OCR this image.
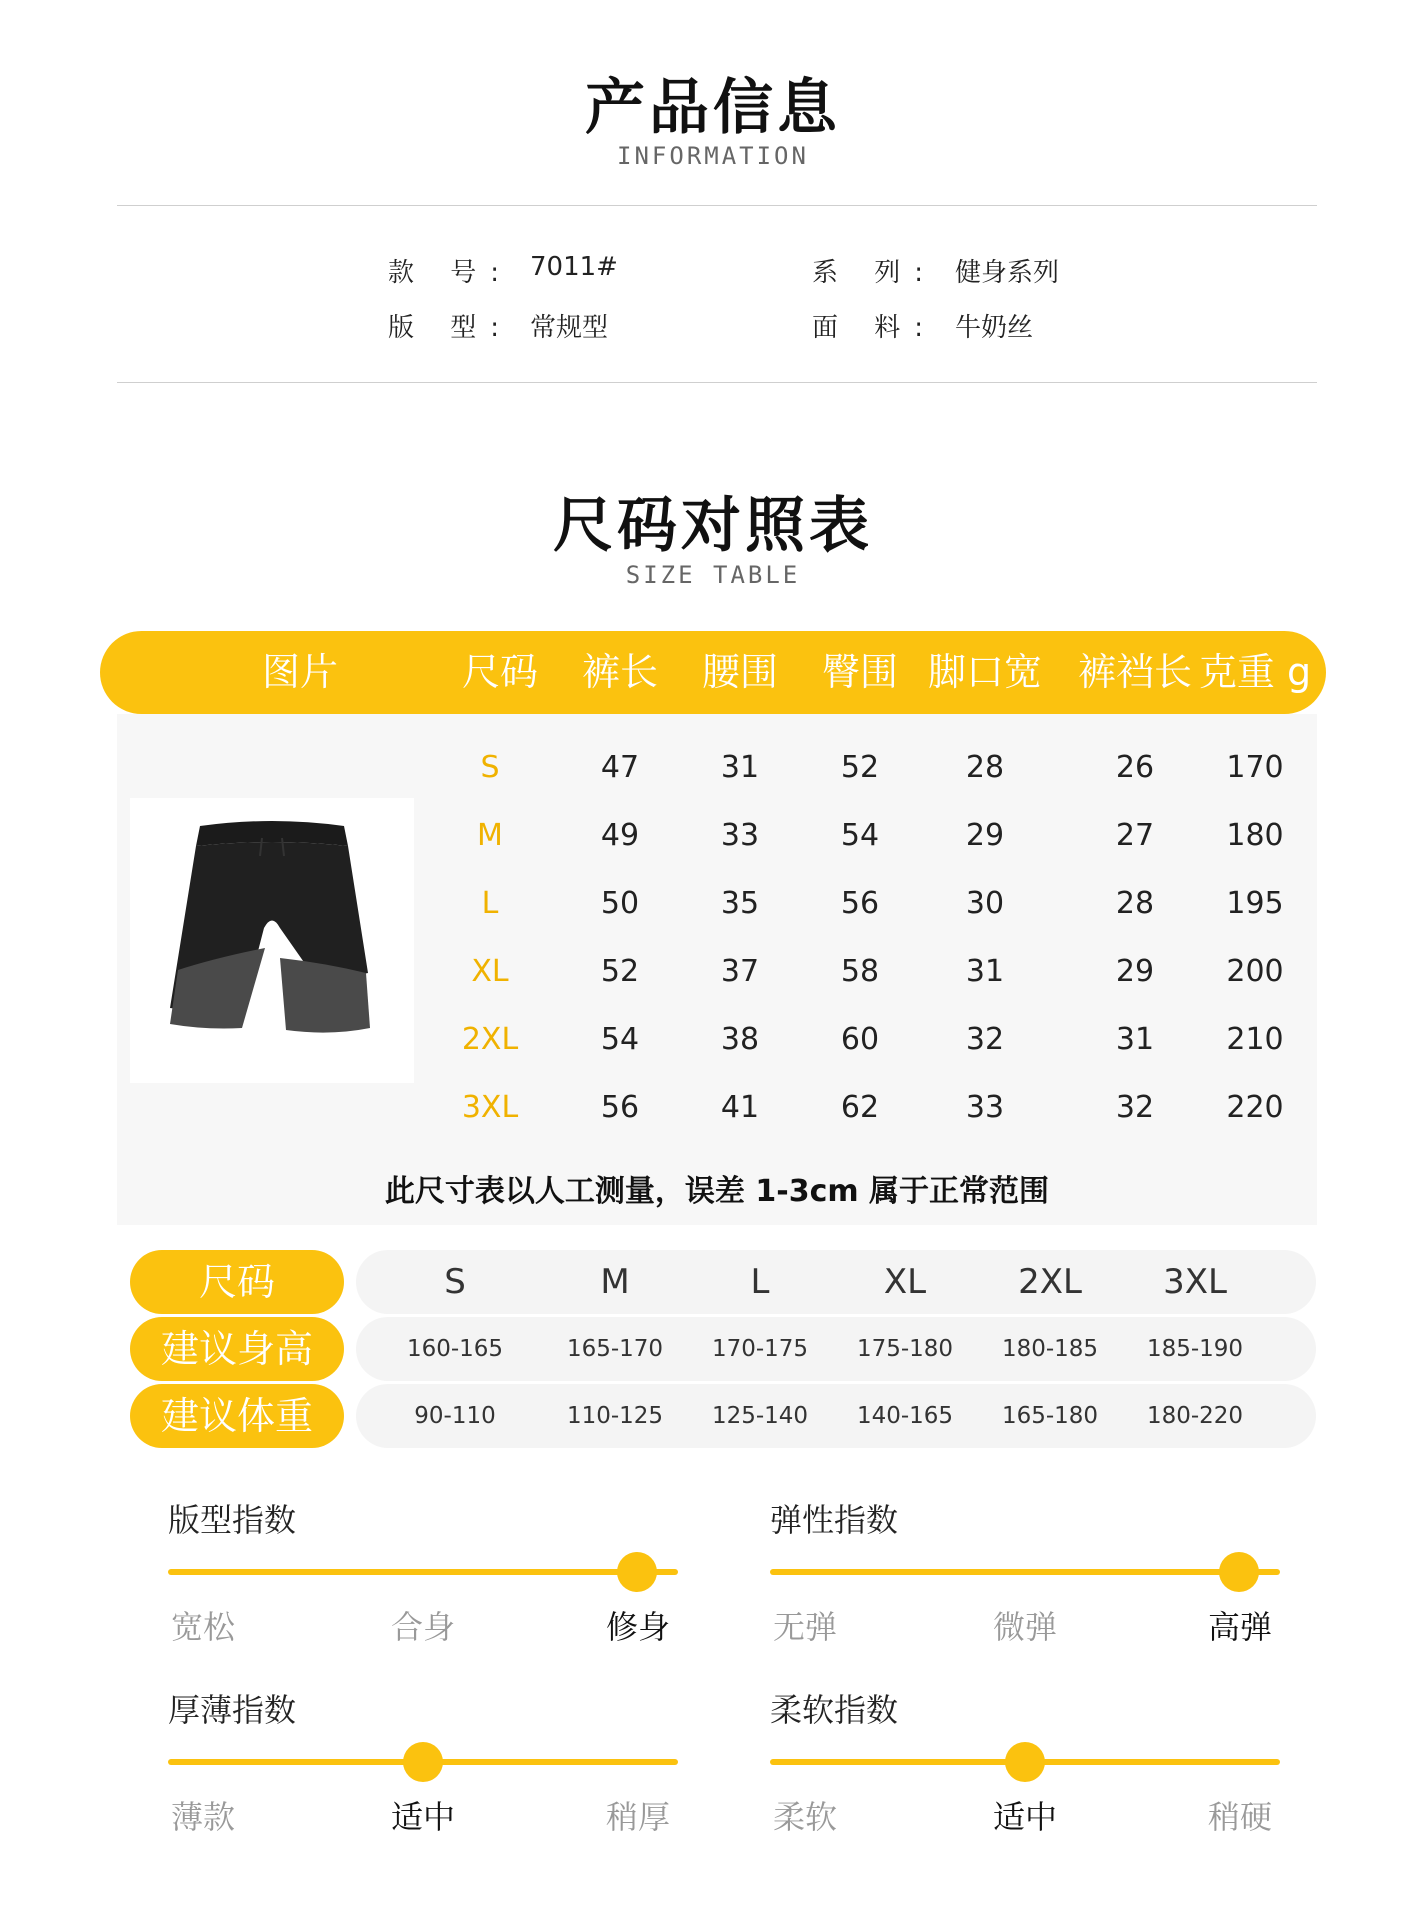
产品信息
INFORMATION
款 号: 7011#	系 列: 健身系列
版 型: 常规型	面 料: 牛奶丝
尺码对照表
SIZE TABLE
图片	尺码	裤长	腰围	臀围 脚口宽 裤裆长 克重 g
S	47	31	52	28	26	170
M	49	33	54	29	27	180
L	50	35	56	30	28	195
XL	52	37	58	31	29	200
2XL	54	38	60	32	31	210
3XL	56	41	62	33	32	220
此尺寸表以人工测量，误差 1-3cm 属于正常范围
尺码	S	M	L	XL	2XL	3XL
建议身高	160-165	165-170	170-175	175-180	180-185	185-190
建议体重	90-110	110-125	125-140	140-165	165-180	180-220
版型指数
宽松	合身	修身
弹性指数
无弹	微弹	高弹
厚薄指数
薄款	适中	稍厚
柔软指数
柔软	适中	稍硬
